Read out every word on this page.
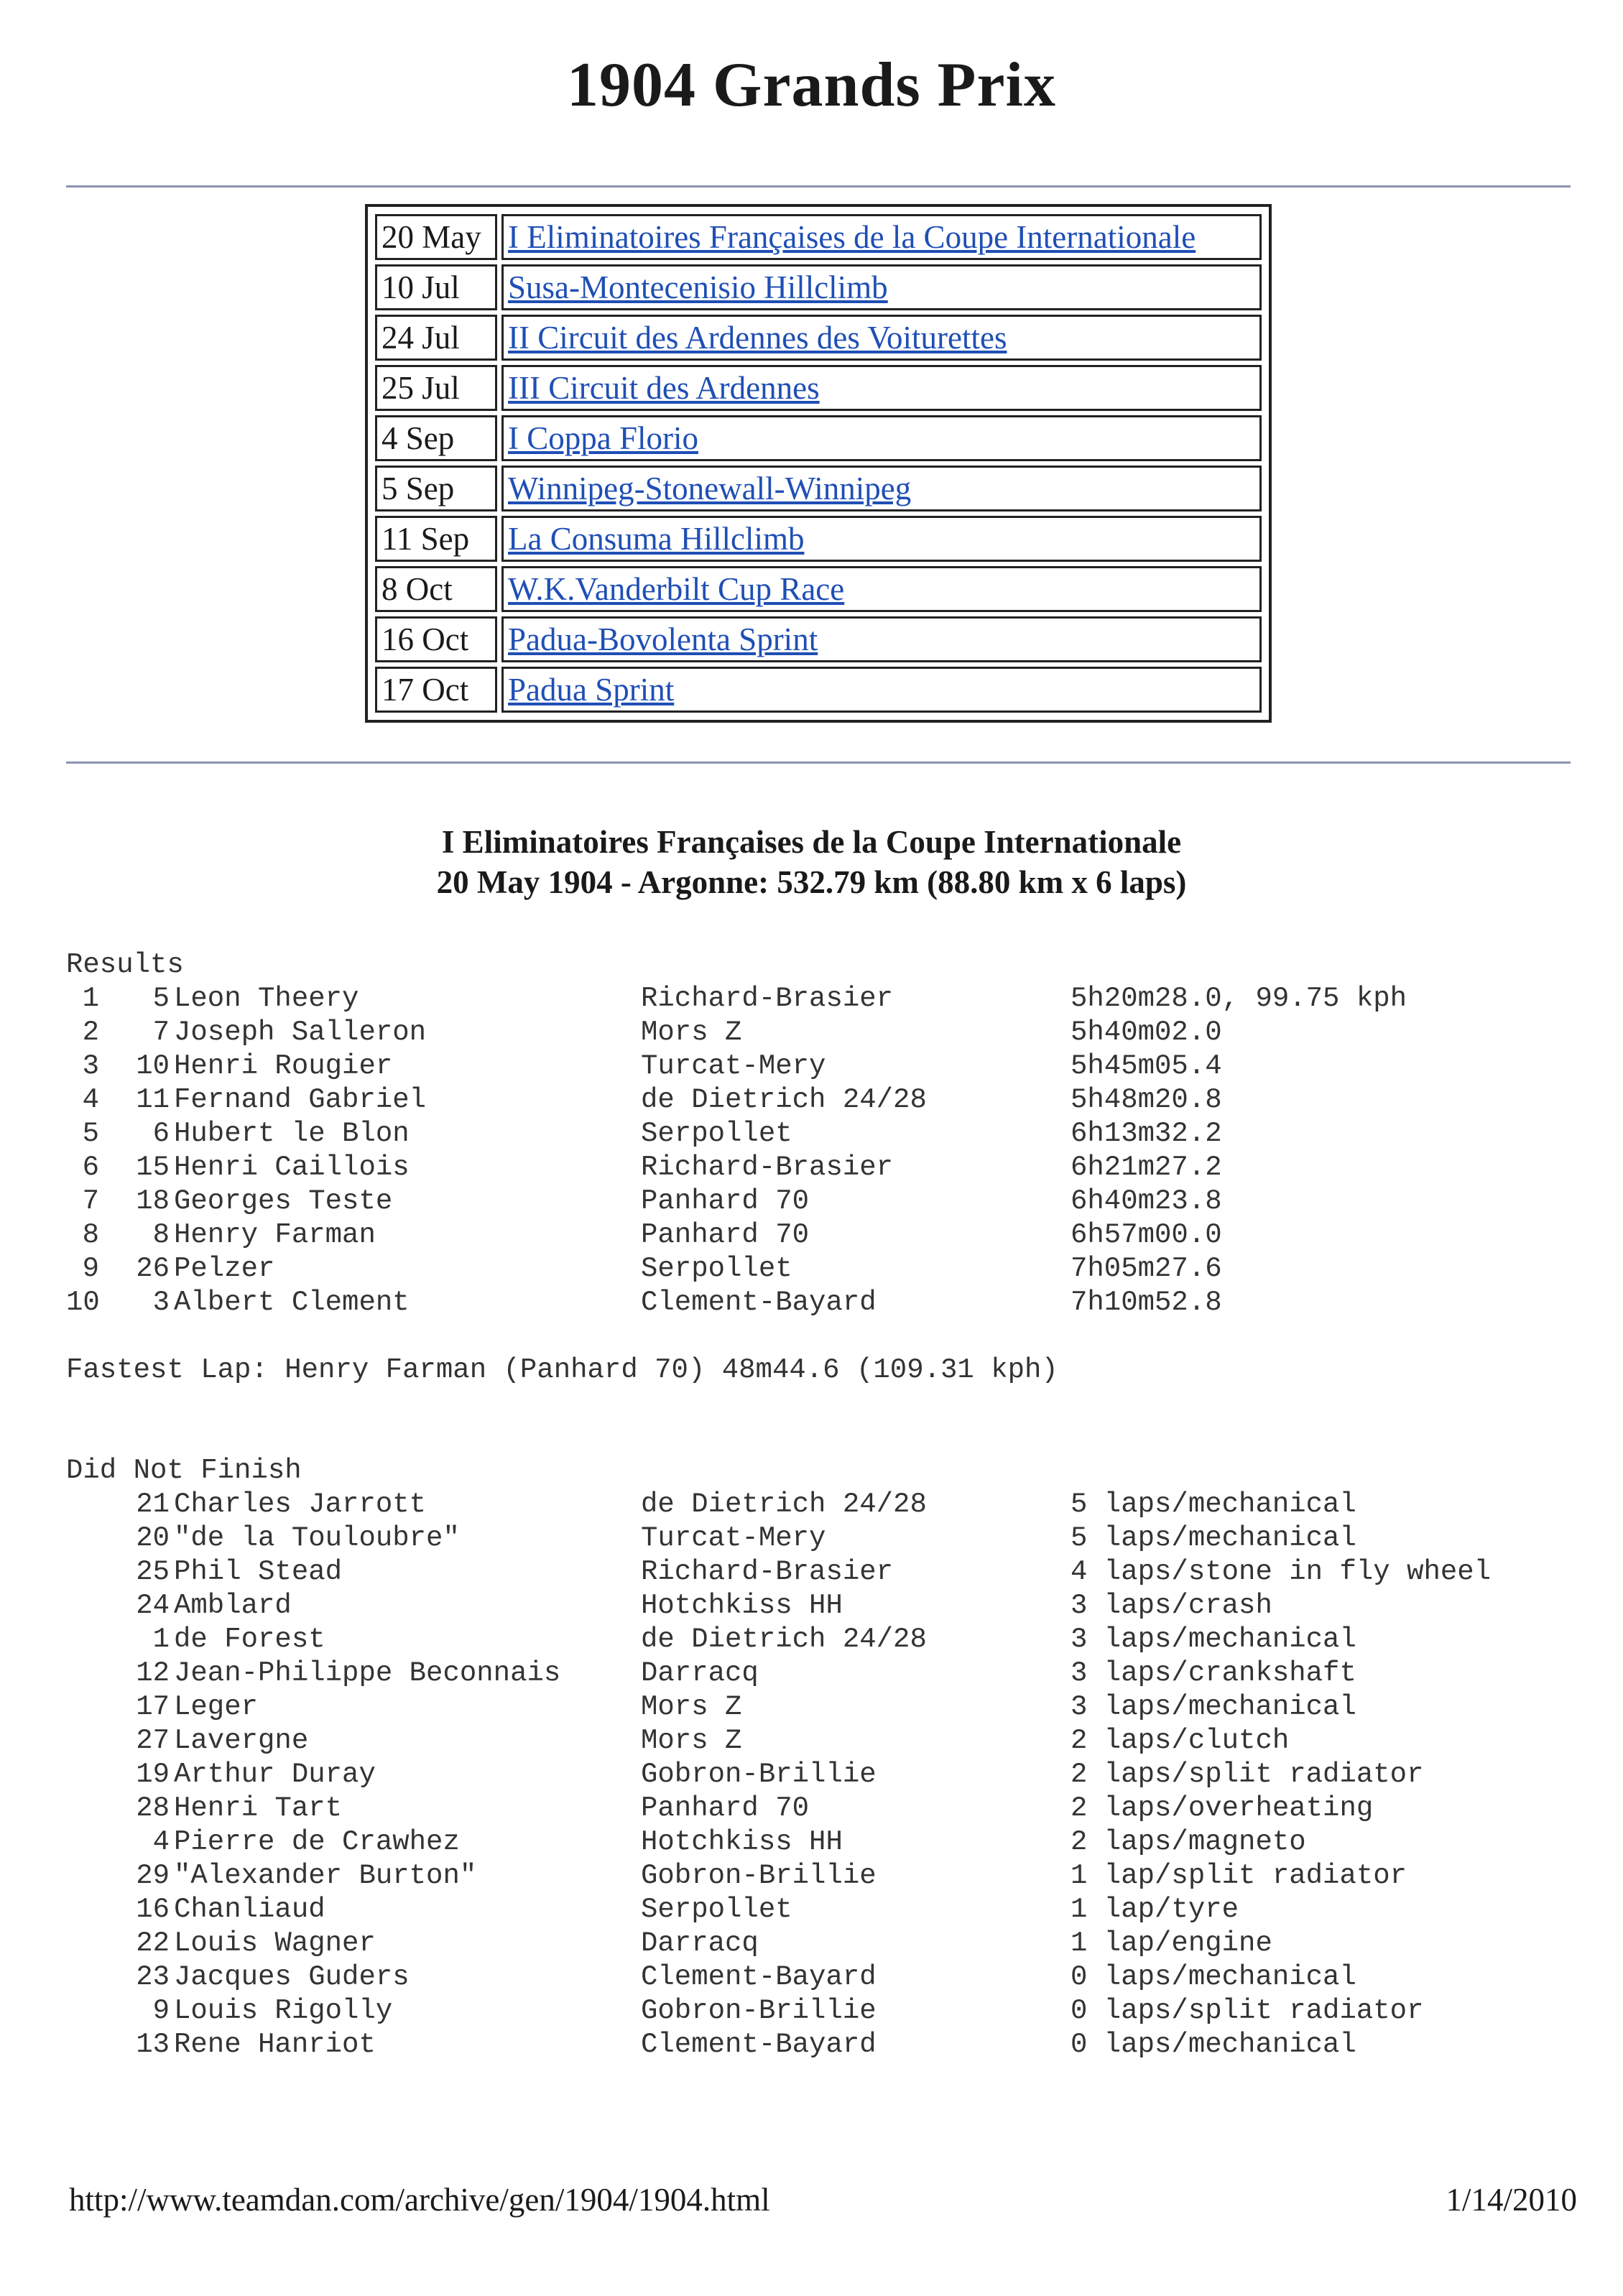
1904 Grands Prix
20 May	I Eliminatoires Françaises de la Coupe Internationale
10 Jul	Susa-Montecenisio Hillclimb
24 Jul	II Circuit des Ardennes des Voiturettes
25 Jul	III Circuit des Ardennes
4 Sep	I Coppa Florio
5 Sep	Winnipeg-Stonewall-Winnipeg
11 Sep	La Consuma Hillclimb
8 Oct	W.K.Vanderbilt Cup Race
16 Oct	Padua-Bovolenta Sprint
17 Oct	Padua Sprint
I Eliminatoires Françaises de la Coupe Internationale
20 May 1904 - Argonne: 532.79 km (88.80 km x 6 laps)
Results
1	5 Leon Theery	Richard-Brasier	5h20m28.0, 99.75 kph
2	7 Joseph Salleron	Mors Z	5h40m02.0
3	10 Henri Rougier	Turcat-Mery	5h45m05.4
4	11 Fernand Gabriel	de Dietrich 24/28	5h48m20.8
5	6 Hubert le Blon	Serpollet	6h13m32.2
6	15 Henri Caillois	Richard-Brasier	6h21m27.2
7	18 Georges Teste	Panhard 70	6h40m23.8
8	8 Henry Farman	Panhard 70	6h57m00.0
9	26 Pelzer	Serpollet	7h05m27.6
10	3 Albert Clement	Clement-Bayard	7h10m52.8
Fastest Lap: Henry Farman (Panhard 70) 48m44.6 (109.31 kph)
Did Not Finish
21 Charles Jarrott	de Dietrich 24/28	5 laps/mechanical
20 "de la Touloubre"	Turcat-Mery	5 laps/mechanical
25 Phil Stead	Richard-Brasier	4 laps/stone in fly wheel
24 Amblard	Hotchkiss HH	3 laps/crash
1 de Forest	de Dietrich 24/28	3 laps/mechanical
12 Jean-Philippe Beconnais	Darracq	3 laps/crankshaft
17 Leger	Mors Z	3 laps/mechanical
27 Lavergne	Mors Z	2 laps/clutch
19 Arthur Duray	Gobron-Brillie	2 laps/split radiator
28 Henri Tart	Panhard 70	2 laps/overheating
4 Pierre de Crawhez	Hotchkiss HH	2 laps/magneto
29 "Alexander Burton"	Gobron-Brillie	1 lap/split radiator
16 Chanliaud	Serpollet	1 lap/tyre
22 Louis Wagner	Darracq	1 lap/engine
23 Jacques Guders	Clement-Bayard	0 laps/mechanical
9 Louis Rigolly	Gobron-Brillie	0 laps/split radiator
13 Rene Hanriot	Clement-Bayard	0 laps/mechanical
http://www.teamdan.com/archive/gen/1904/1904.html	1/14/2010
